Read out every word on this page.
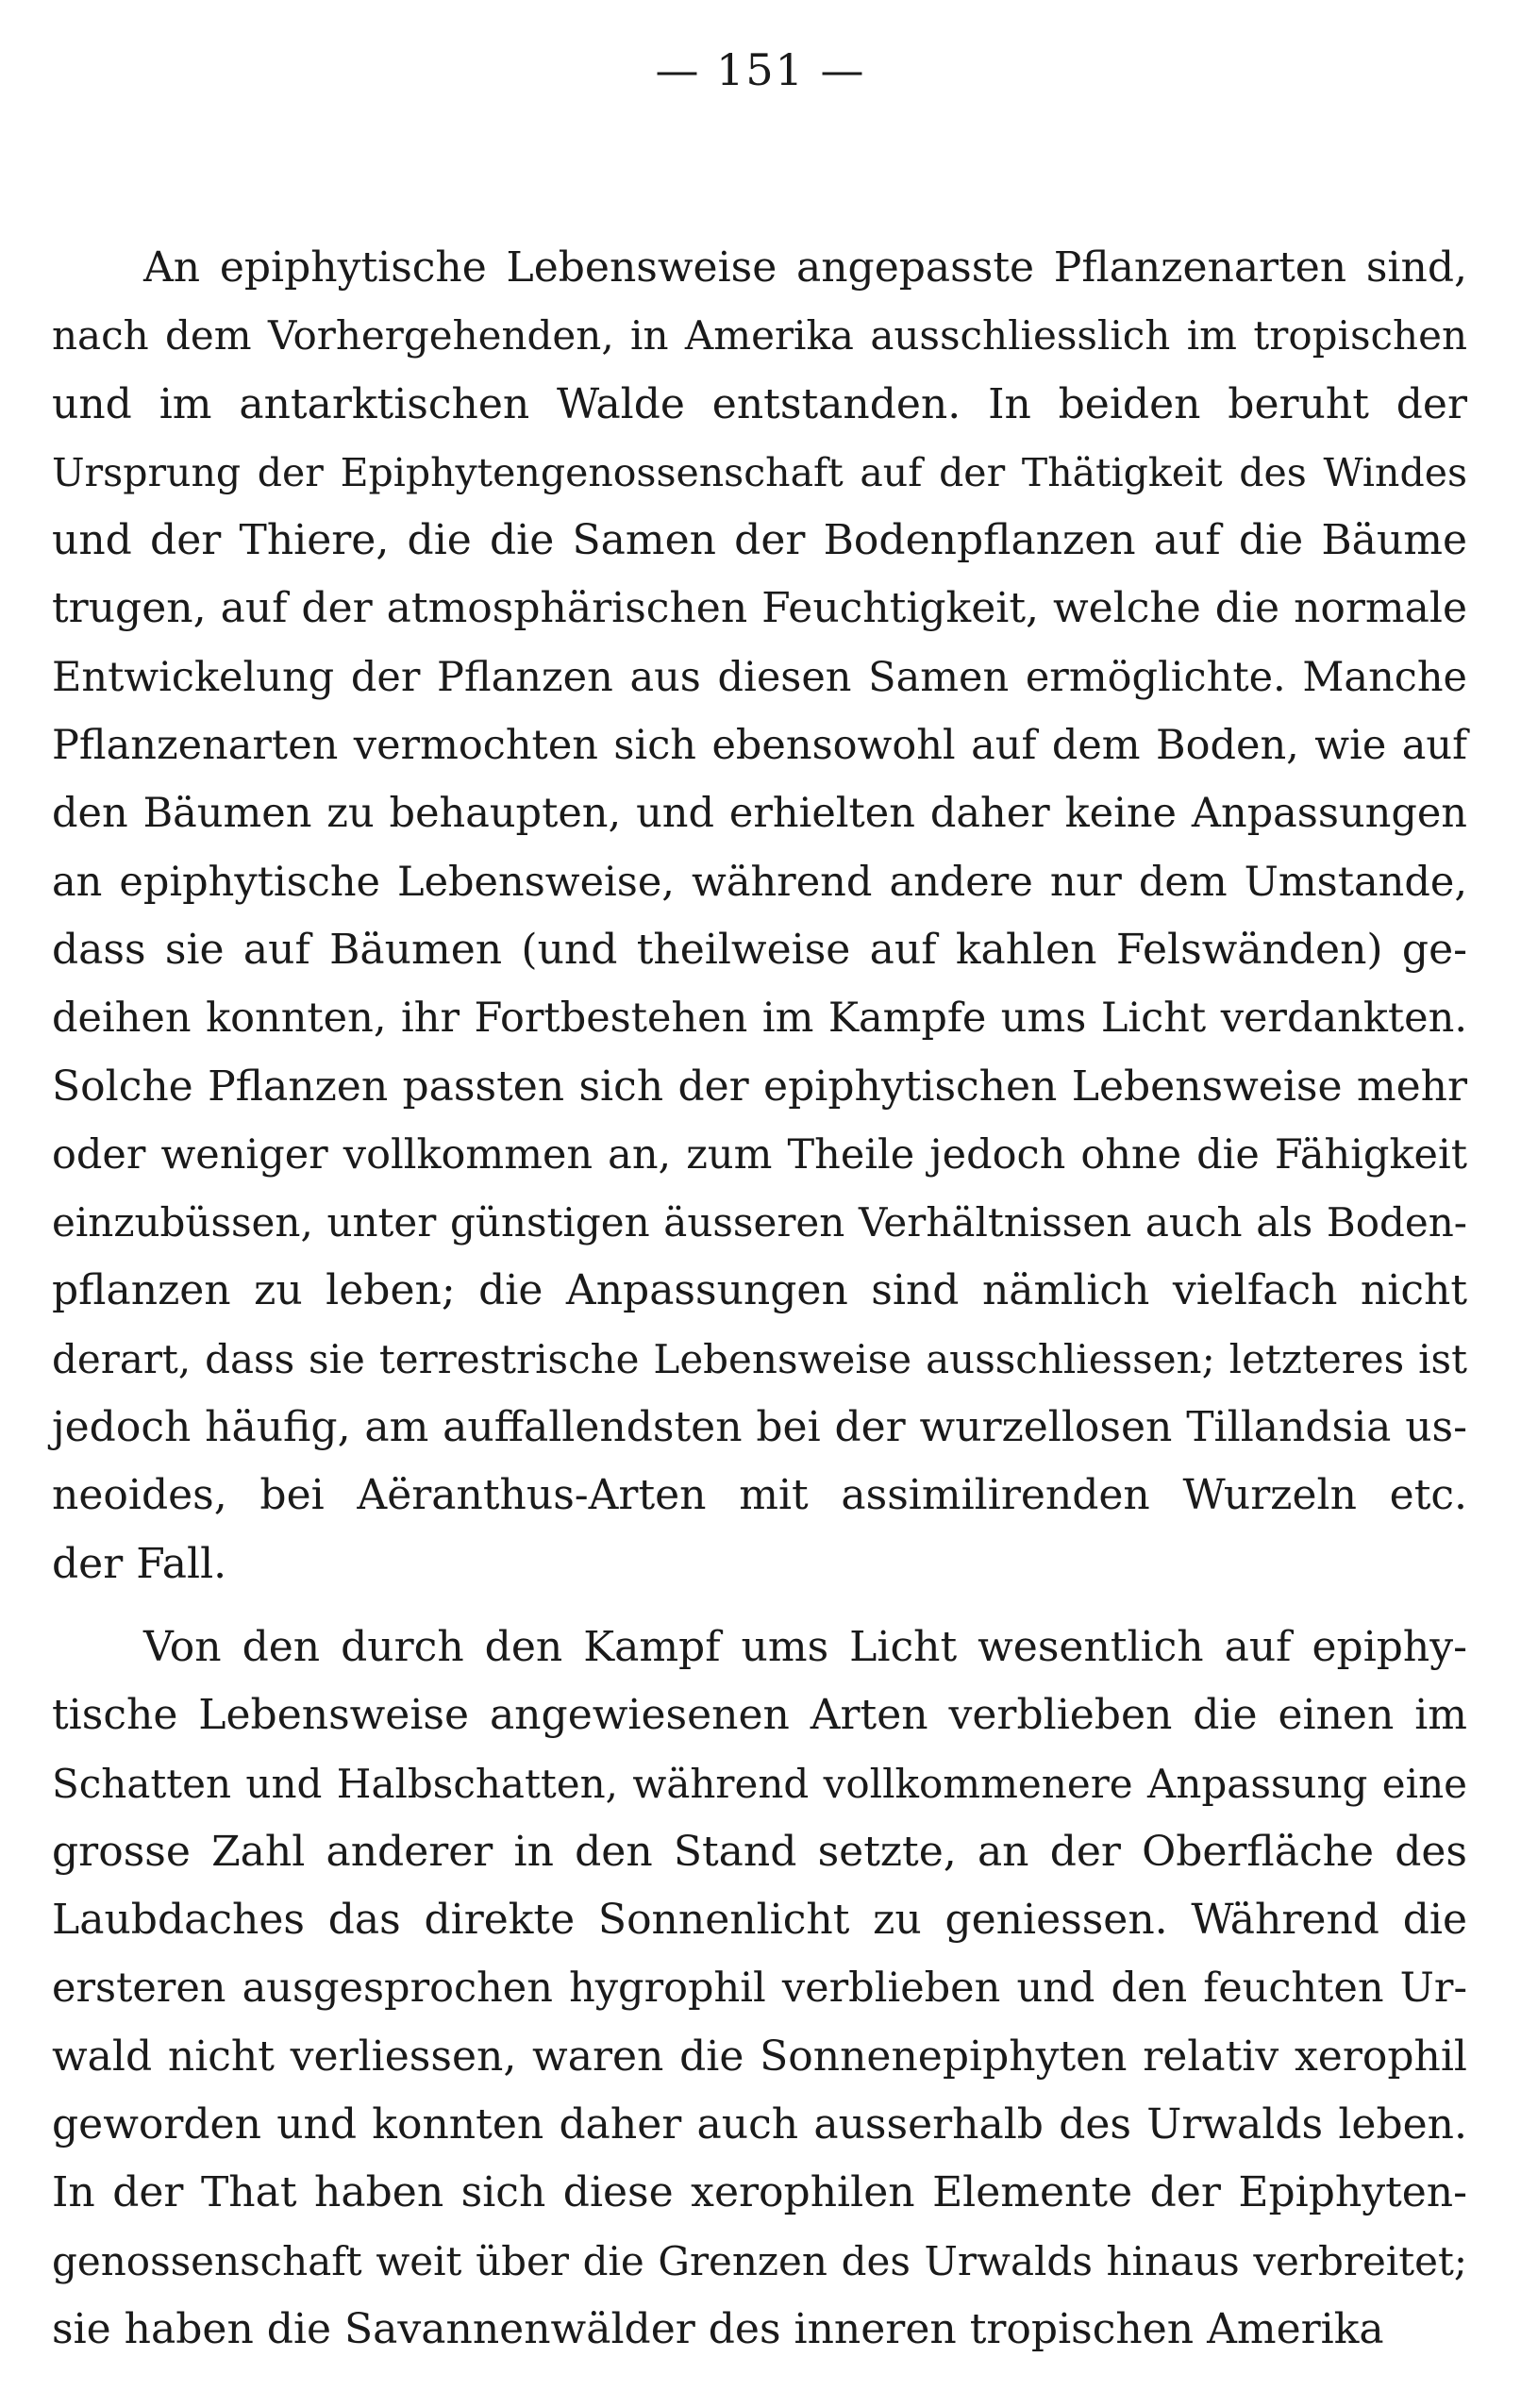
— 151 —

An epiphytische Lebensweise angepasste Pflanzenarten sind,
nach dem Vorhergehenden, in Amerika ausschliesslich im tropischen
und im antarktischen Walde entstanden. In beiden beruht der
Ursprung der Epiphytengenossenschaft auf der Thätigkeit des Windes
und der Thiere, die die Samen der Bodenpflanzen auf die Bäume
trugen, auf der atmosphärischen Feuchtigkeit, welche die normale
Entwickelung der Pflanzen aus diesen Samen ermöglichte. Manche
Pflanzenarten vermochten sich ebensowohl auf dem Boden, wie auf
den Bäumen zu behaupten, und erhielten daher keine Anpassungen
an epiphytische Lebensweise, während andere nur dem Umstande,
dass sie auf Bäumen (und theilweise auf kahlen Felswänden) ge-
deihen konnten, ihr Fortbestehen im Kampfe ums Licht verdankten.
Solche Pflanzen passten sich der epiphytischen Lebensweise mehr
oder weniger vollkommen an, zum Theile jedoch ohne die Fähigkeit
einzubüssen, unter günstigen äusseren Verhältnissen auch als Boden-
pflanzen zu leben; die Anpassungen sind nämlich vielfach nicht
derart, dass sie terrestrische Lebensweise ausschliessen; letzteres ist
jedoch häufig, am auffallendsten bei der wurzellosen Tillandsia us-
neoides, bei Aëranthus-Arten mit assimilirenden Wurzeln etc.
der Fall.

Von den durch den Kampf ums Licht wesentlich auf epiphy-
tische Lebensweise angewiesenen Arten verblieben die einen im
Schatten und Halbschatten, während vollkommenere Anpassung eine
grosse Zahl anderer in den Stand setzte, an der Oberfläche des
Laubdaches das direkte Sonnenlicht zu geniessen. Während die
ersteren ausgesprochen hygrophil verblieben und den feuchten Ur-
wald nicht verliessen, waren die Sonnenepiphyten relativ xerophil
geworden und konnten daher auch ausserhalb des Urwalds leben.
In der That haben sich diese xerophilen Elemente der Epiphyten-
genossenschaft weit über die Grenzen des Urwalds hinaus verbreitet;
sie haben die Savannenwälder des inneren tropischen Amerika
